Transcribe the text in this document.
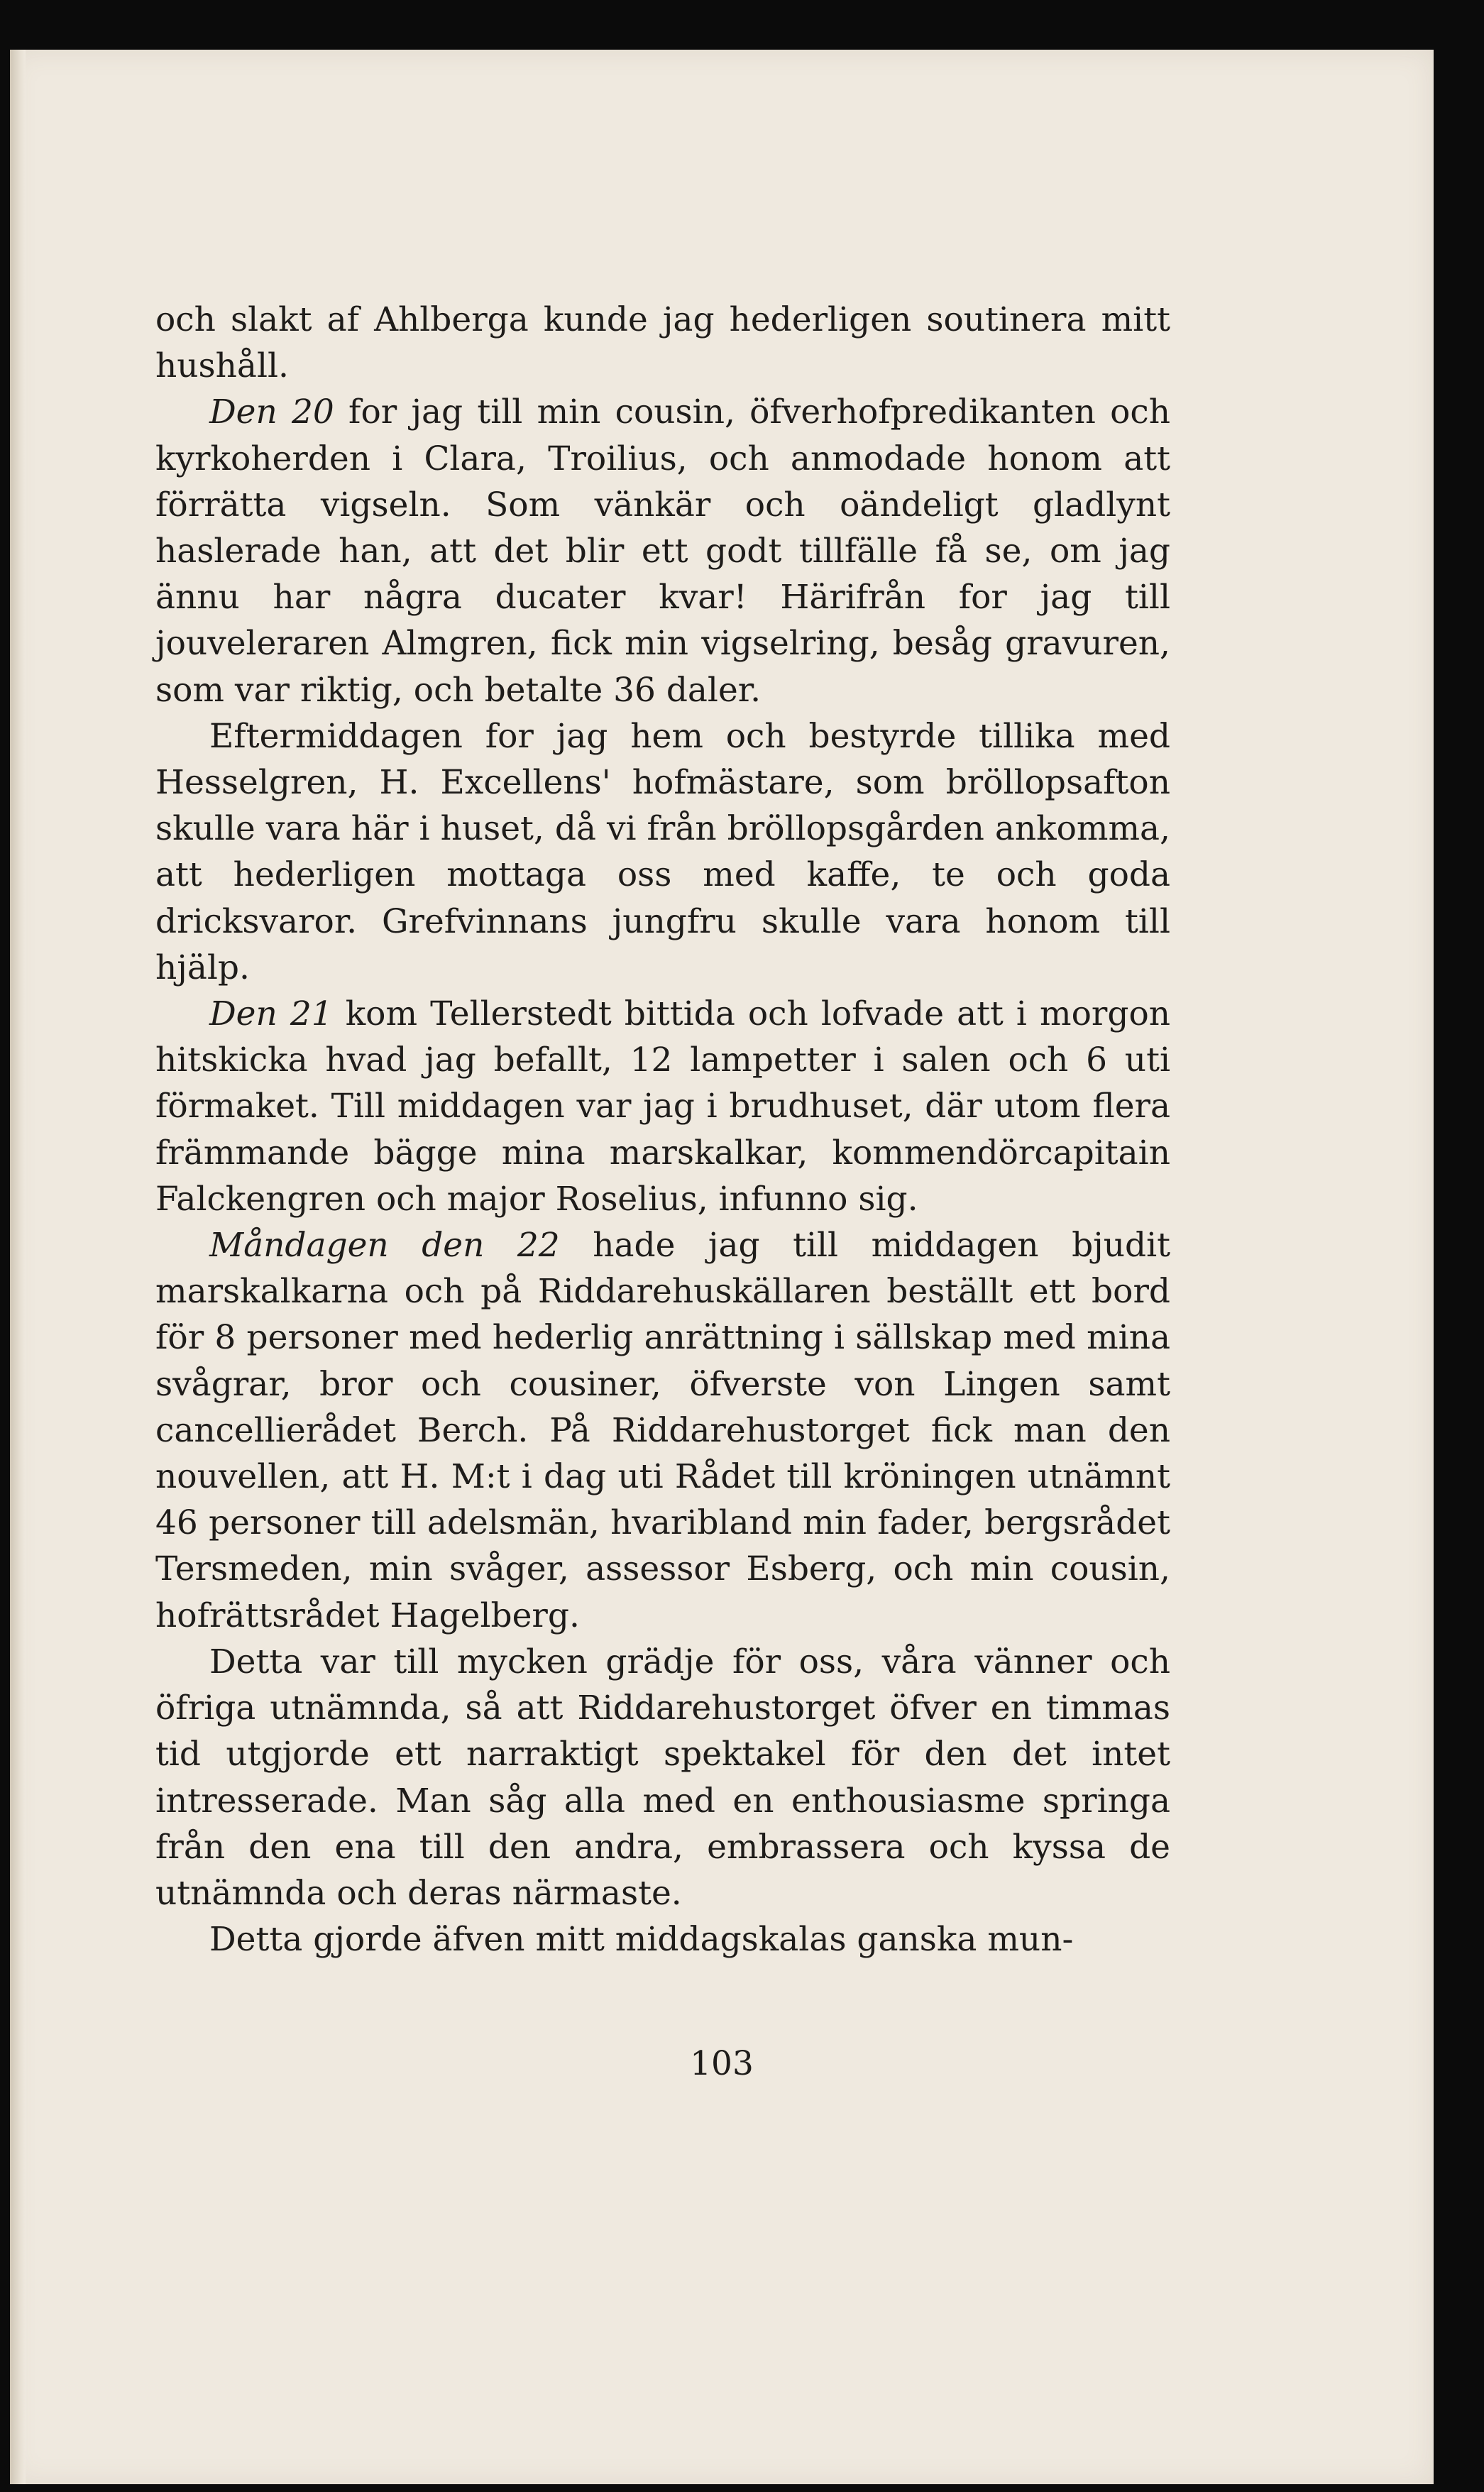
och slakt af Ahlberga kunde jag hederligen soutinera mitt hushåll.

Den 20 for jag till min cousin, öfverhofpredikanten och kyrkoherden i Clara, Troilius, och anmodade honom att förrätta vigseln. Som vänkär och oändeligt gladlynt haslerade han, att det blir ett godt tillfälle få se, om jag ännu har några ducater kvar! Härifrån for jag till jouveleraren Almgren, fick min vigselring, besåg gravuren, som var riktig, och betalte 36 daler.

Eftermiddagen for jag hem och bestyrde tillika med Hesselgren, H. Excellens' hofmästare, som bröllopsafton skulle vara här i huset, då vi från bröllopsgården ankomma, att hederligen mottaga oss med kaffe, te och goda dricksvaror. Grefvinnans jungfru skulle vara honom till hjälp.

Den 21 kom Tellerstedt bittida och lofvade att i morgon hitskicka hvad jag befallt, 12 lampetter i salen och 6 uti förmaket. Till middagen var jag i brudhuset, där utom flera främmande bägge mina marskalkar, kommendörcapitain Falckengren och major Roselius, infunno sig.

Måndagen den 22 hade jag till middagen bjudit marskalkarna och på Riddarehuskällaren beställt ett bord för 8 personer med hederlig anrättning i sällskap med mina svågrar, bror och cousiner, öfverste von Lingen samt cancellierådet Berch. På Riddarehustorget fick man den nouvellen, att H. M:t i dag uti Rådet till kröningen utnämnt 46 personer till adelsmän, hvaribland min fader, bergsrådet Tersmeden, min svåger, assessor Esberg, och min cousin, hofrättsrådet Hagelberg.

Detta var till mycken grädje för oss, våra vänner och öfriga utnämnda, så att Riddarehustorget öfver en timmas tid utgjorde ett narraktigt spektakel för den det intet intresserade. Man såg alla med en enthousiasme springa från den ena till den andra, embrassera och kyssa de utnämnda och deras närmaste.

Detta gjorde äfven mitt middagskalas ganska mun-

103
